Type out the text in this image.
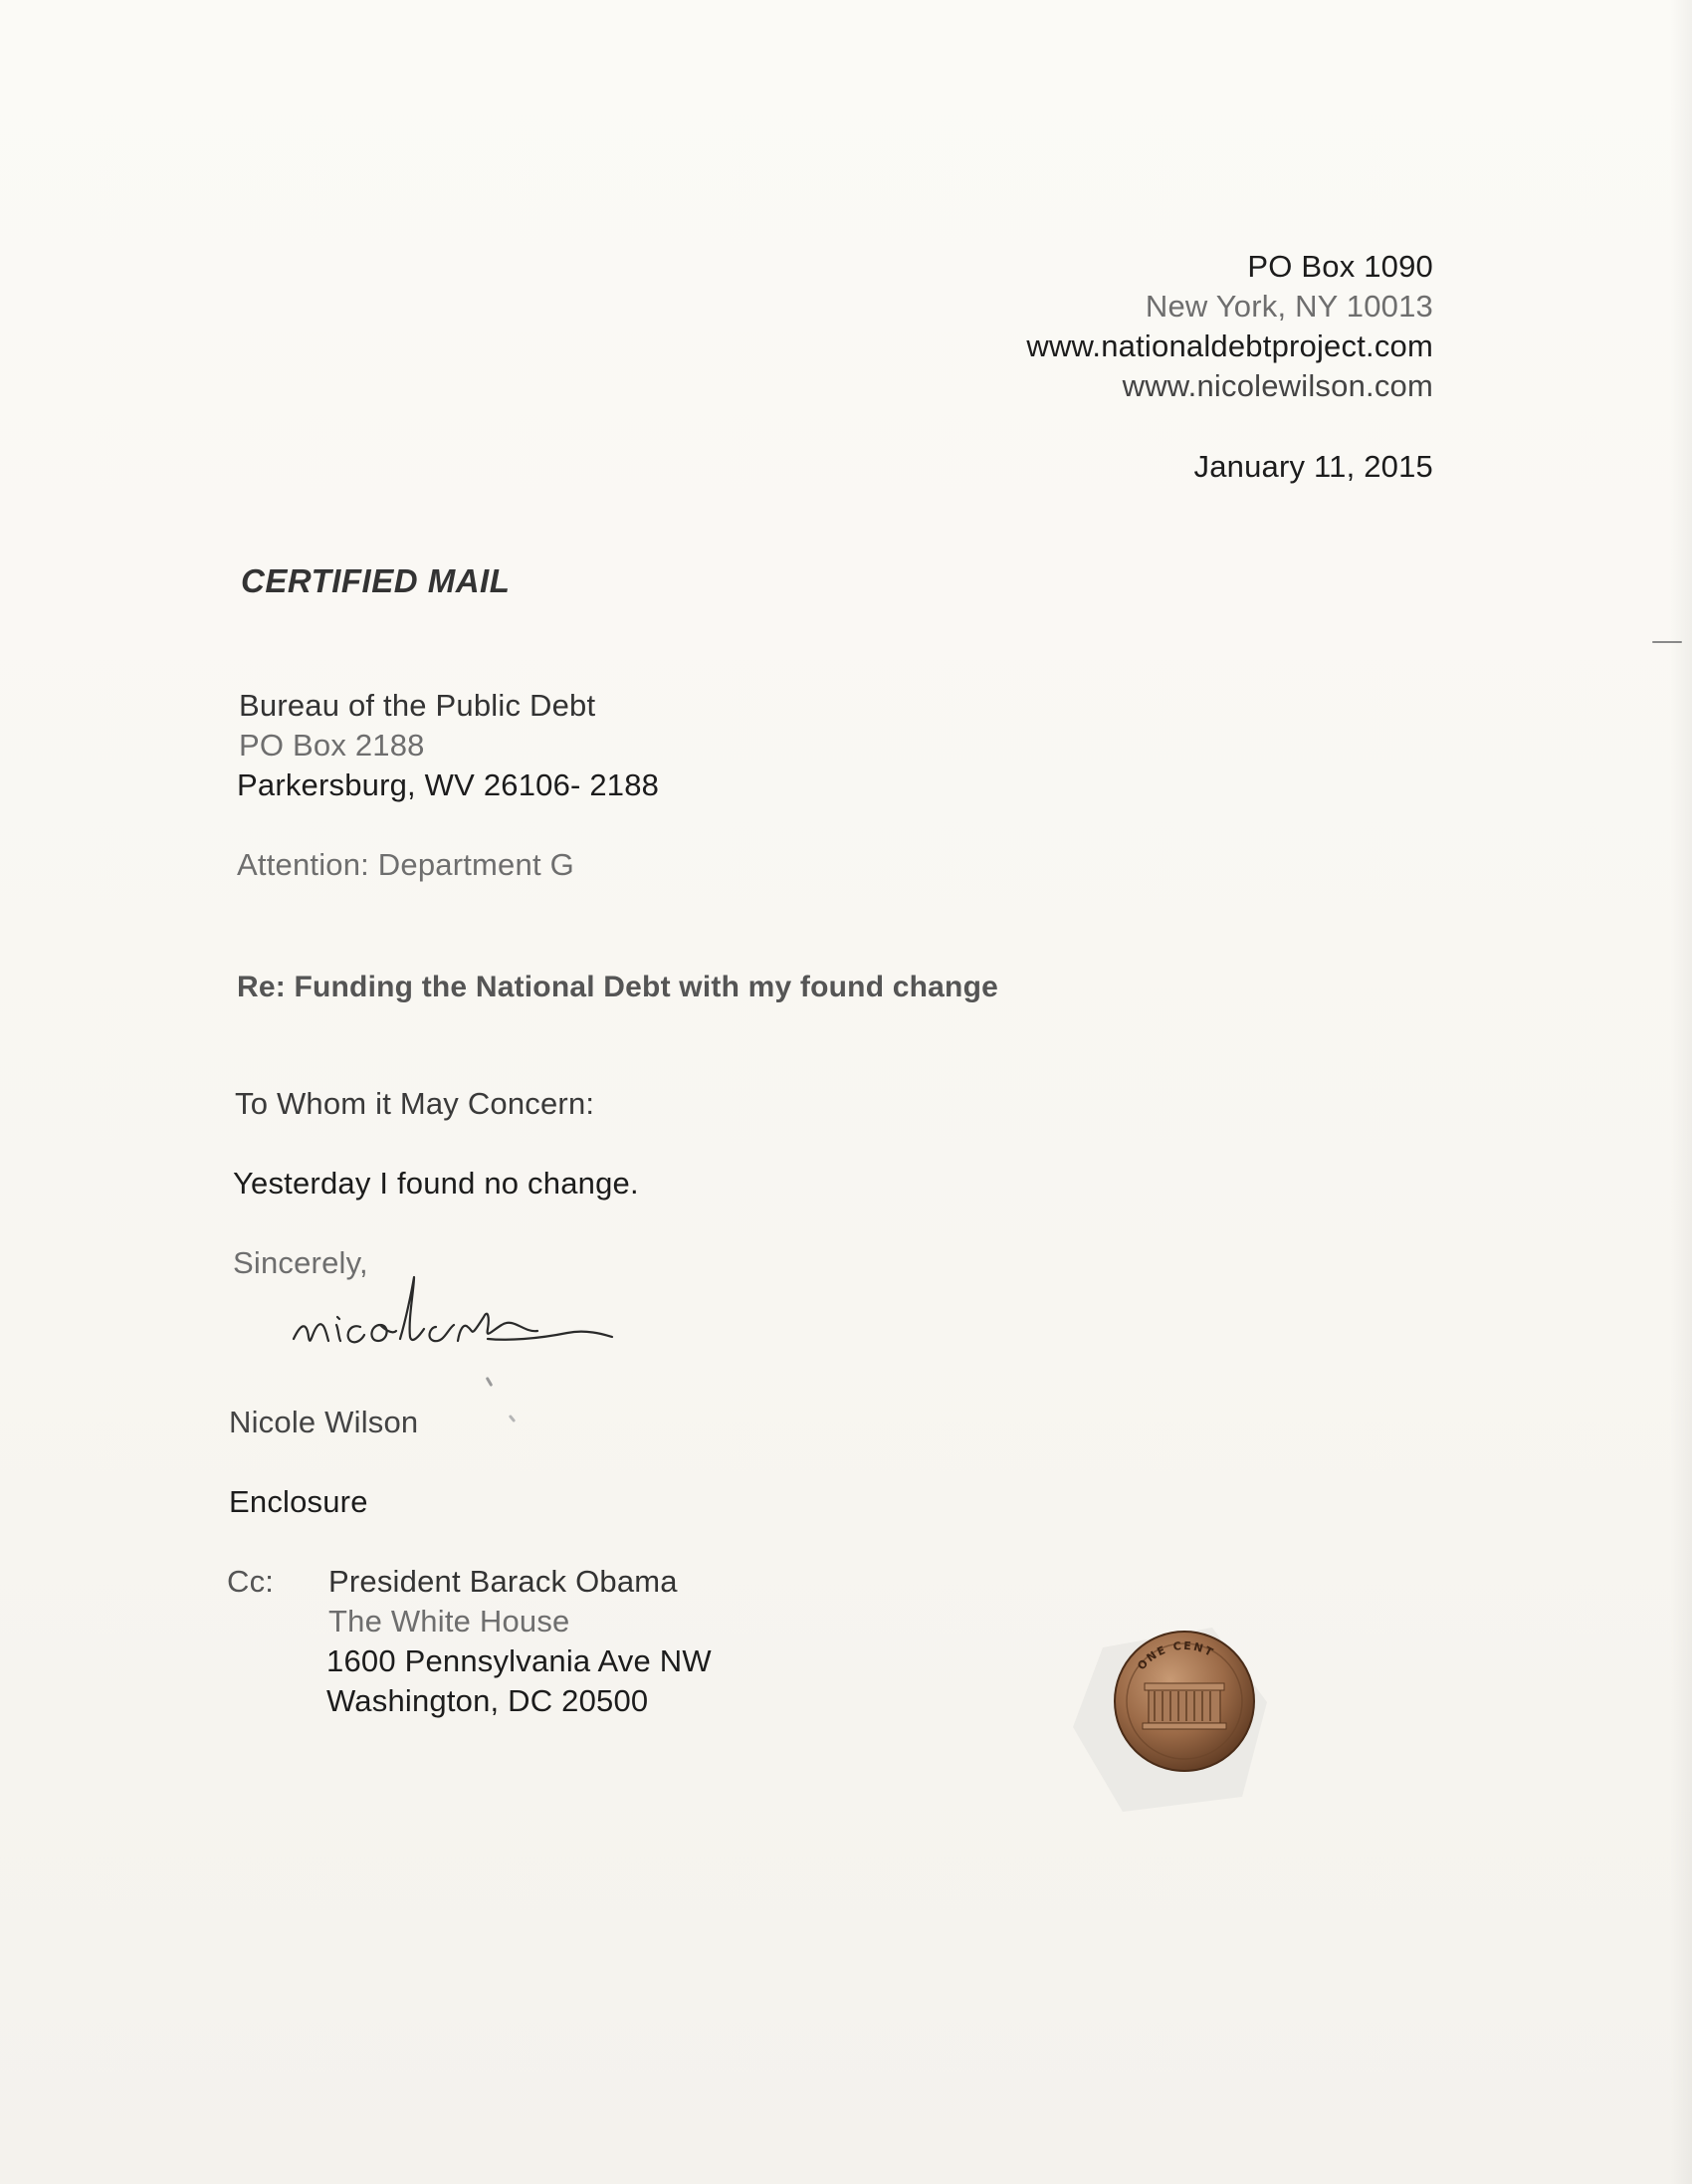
PO Box 1090
New York, NY 10013
www.nationaldebtproject.com
www.nicolewilson.com
January 11, 2015
CERTIFIED MAIL
Bureau of the Public Debt
PO Box 2188
Parkersburg, WV 26106- 2188
Attention: Department G
Re: Funding the National Debt with my found change
To Whom it May Concern:
Yesterday I found no change.
Sincerely,
Nicole Wilson
Enclosure
Cc: President Barack Obama
The White House
1600 Pennsylvania Ave NW
Washington, DC 20500
ONE CENT
